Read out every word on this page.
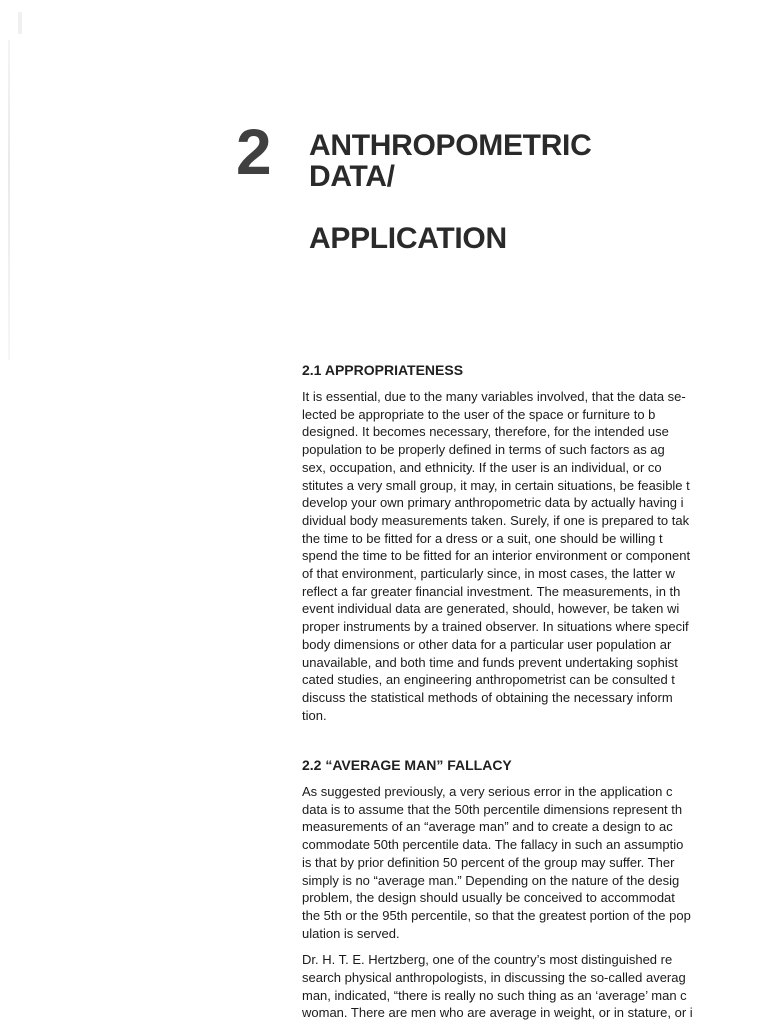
2 ANTHROPOMETRIC
DATA/
APPLICATION
2.1 APPROPRIATENESS
It is essential, due to the many variables involved, that the data se-
lected be appropriate to the user of the space or furniture to b
designed. It becomes necessary, therefore, for the intended use
population to be properly defined in terms of such factors as ag
sex, occupation, and ethnicity. If the user is an individual, or co
stitutes a very small group, it may, in certain situations, be feasible t
develop your own primary anthropometric data by actually having i
dividual body measurements taken. Surely, if one is prepared to tak
the time to be fitted for a dress or a suit, one should be willing t
spend the time to be fitted for an interior environment or component
of that environment, particularly since, in most cases, the latter w
reflect a far greater financial investment. The measurements, in th
event individual data are generated, should, however, be taken wi
proper instruments by a trained observer. In situations where specif
body dimensions or other data for a particular user population ar
unavailable, and both time and funds prevent undertaking sophist
cated studies, an engineering anthropometrist can be consulted t
discuss the statistical methods of obtaining the necessary inform
tion.
2.2 “AVERAGE MAN” FALLACY
As suggested previously, a very serious error in the application c
data is to assume that the 50th percentile dimensions represent th
measurements of an “average man” and to create a design to ac
commodate 50th percentile data. The fallacy in such an assumptio
is that by prior definition 50 percent of the group may suffer. Ther
simply is no “average man.” Depending on the nature of the desig
problem, the design should usually be conceived to accommodat
the 5th or the 95th percentile, so that the greatest portion of the pop
ulation is served.
Dr. H. T. E. Hertzberg, one of the country’s most distinguished re
search physical anthropologists, in discussing the so-called averag
man, indicated, “there is really no such thing as an ‘average’ man c
woman. There are men who are average in weight, or in stature, or i
